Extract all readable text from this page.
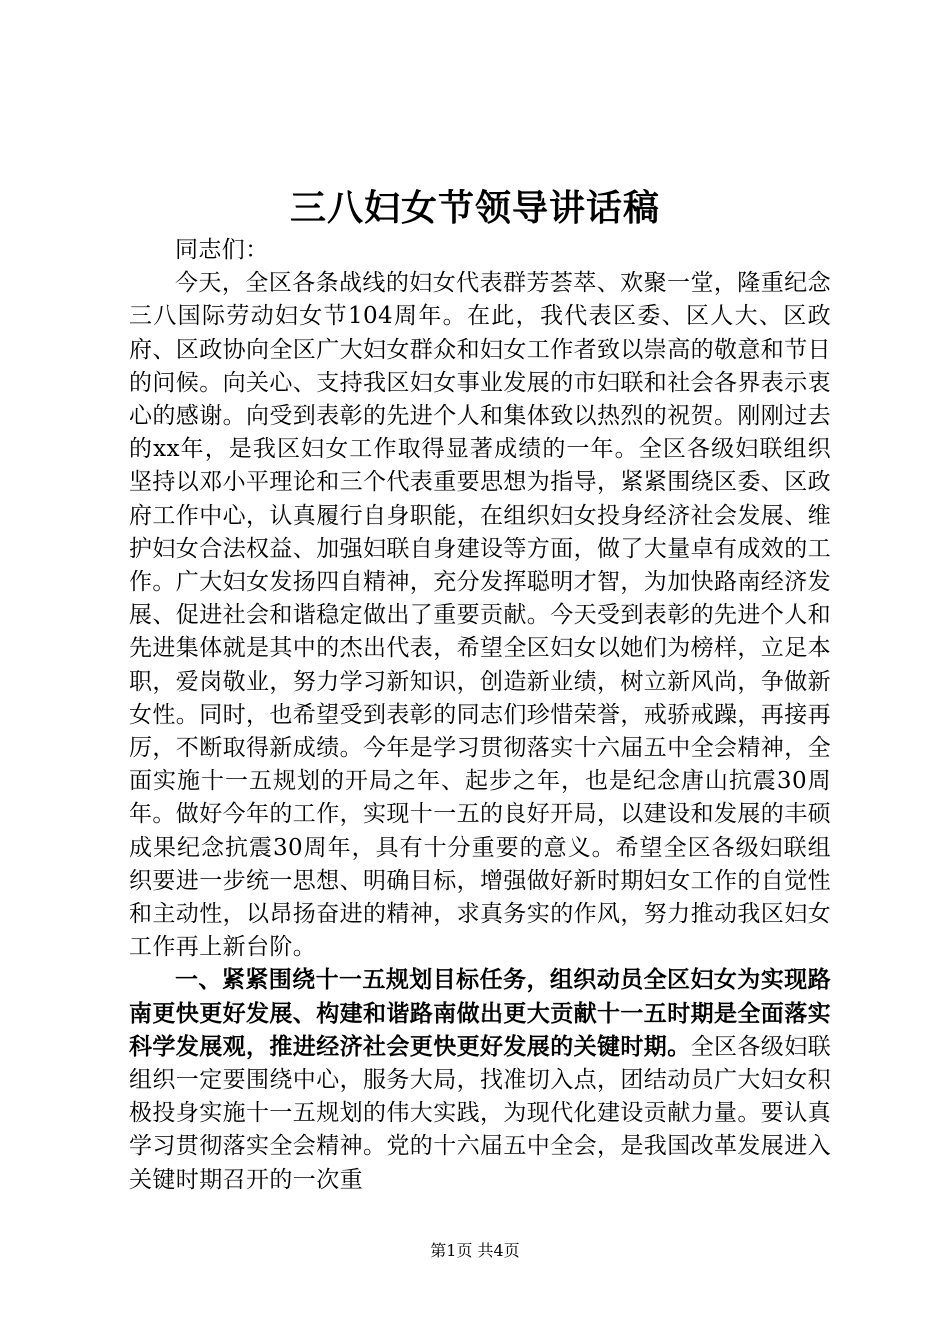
三八妇女节领导讲话稿

同志们：

今天，全区各条战线的妇女代表群芳荟萃、欢聚一堂，隆重纪念三八国际劳动妇女节104周年。在此，我代表区委、区人大、区政府、区政协向全区广大妇女群众和妇女工作者致以崇高的敬意和节日的问候。向关心、支持我区妇女事业发展的市妇联和社会各界表示衷心的感谢。向受到表彰的先进个人和集体致以热烈的祝贺。刚刚过去的xx年，是我区妇女工作取得显著成绩的一年。全区各级妇联组织坚持以邓小平理论和三个代表重要思想为指导，紧紧围绕区委、区政府工作中心，认真履行自身职能，在组织妇女投身经济社会发展、维护妇女合法权益、加强妇联自身建设等方面，做了大量卓有成效的工作。广大妇女发扬四自精神，充分发挥聪明才智，为加快路南经济发展、促进社会和谐稳定做出了重要贡献。今天受到表彰的先进个人和先进集体就是其中的杰出代表，希望全区妇女以她们为榜样，立足本职，爱岗敬业，努力学习新知识，创造新业绩，树立新风尚，争做新女性。同时，也希望受到表彰的同志们珍惜荣誉，戒骄戒躁，再接再厉，不断取得新成绩。今年是学习贯彻落实十六届五中全会精神，全面实施十一五规划的开局之年、起步之年，也是纪念唐山抗震30周年。做好今年的工作，实现十一五的良好开局，以建设和发展的丰硕成果纪念抗震30周年，具有十分重要的意义。希望全区各级妇联组织要进一步统一思想、明确目标，增强做好新时期妇女工作的自觉性和主动性，以昂扬奋进的精神，求真务实的作风，努力推动我区妇女工作再上新台阶。

一、紧紧围绕十一五规划目标任务，组织动员全区妇女为实现路南更快更好发展、构建和谐路南做出更大贡献十一五时期是全面落实科学发展观，推进经济社会更快更好发展的关键时期。全区各级妇联组织一定要围绕中心，服务大局，找准切入点，团结动员广大妇女积极投身实施十一五规划的伟大实践，为现代化建设贡献力量。要认真学习贯彻落实全会精神。党的十六届五中全会，是我国改革发展进入关键时期召开的一次重

第1页 共4页
